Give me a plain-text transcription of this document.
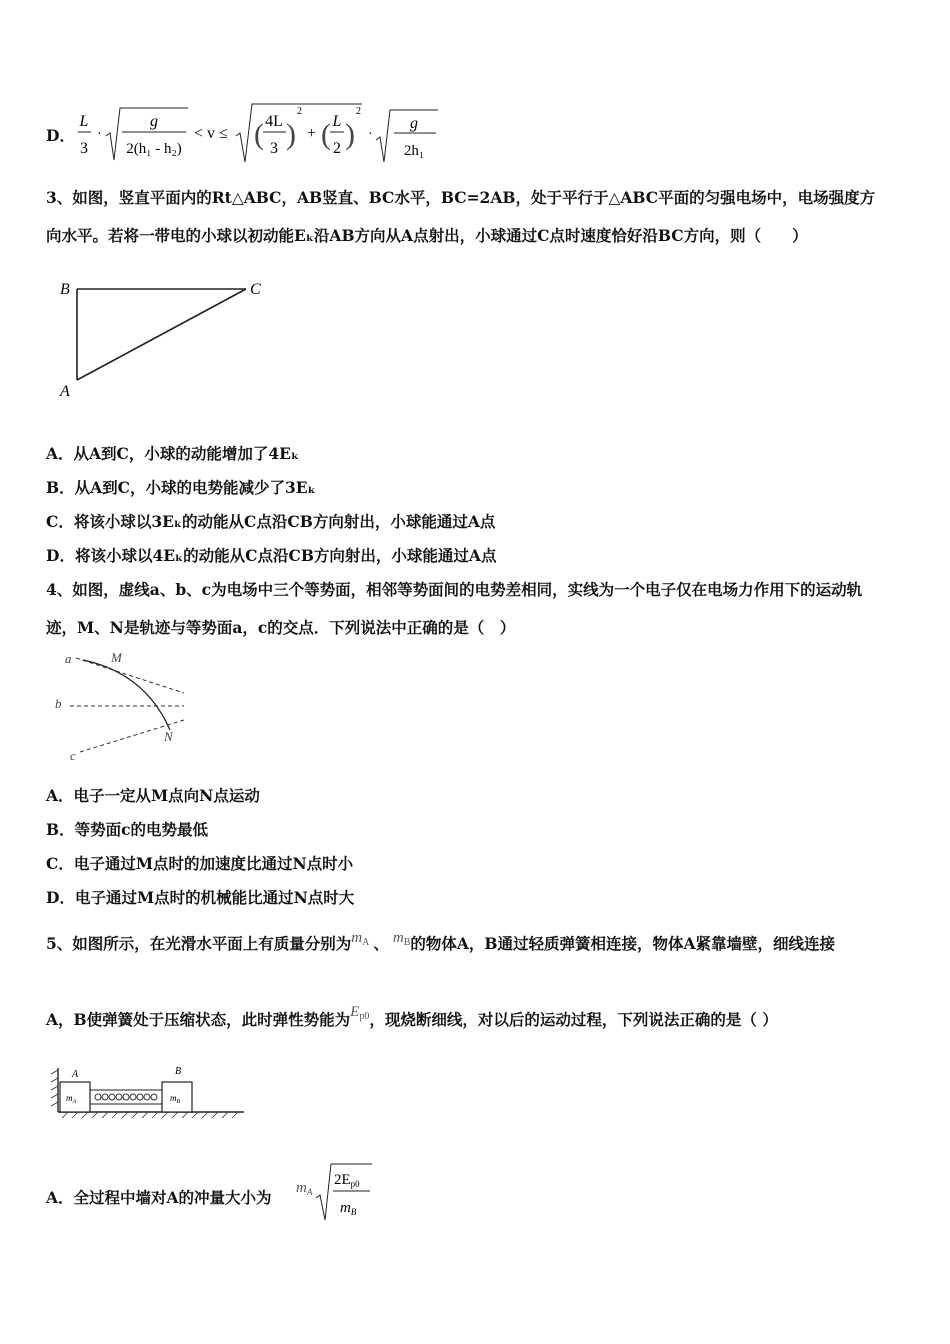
D．
L
3
·
g
2(h₁ - h₂)
< v ≤ ( 4L
3 )
2
+ ( L
2 )
2
·
g
2h₁
3、如图，竖直平面内的Rt△ABC，AB竖直、BC水平，BC=2AB，处于平行于△ABC平面的匀强电场中，电场强度方
向水平。若将一带电的小球以初动能Eₖ沿AB方向从A点射出，小球通过C点时速度恰好沿BC方向，则（　　）
B	C
A
A．从A到C，小球的动能增加了4Eₖ
B．从A到C，小球的电势能减少了3Eₖ
C．将该小球以3Eₖ的动能从C点沿CB方向射出，小球能通过A点
D．将该小球以4Eₖ的动能从C点沿CB方向射出，小球能通过A点
4、如图，虚线a、b、c为电场中三个等势面，相邻等势面间的电势差相同，实线为一个电子仅在电场力作用下的运动轨
迹，M、N是轨迹与等势面a，c的交点．下列说法中正确的是（　）
a	M
b
N
c
A．电子一定从M点向N点运动
B．等势面c的电势最低
C．电子通过M点时的加速度比通过N点时小
D．电子通过M点时的机械能比通过N点时大
5、如图所示，在光滑水平面上有质量分别为$m_A$ 、 $m_B$的物体A，B通过轻质弹簧相连接，物体A紧靠墙壁，细线连接
A，B使弹簧处于压缩状态，此时弹性势能为$E_{p0}$，现烧断细线，对以后的运动过程，下列说法正确的是（ ）
A	B
$m_A$	$m_B$
A．全过程中墙对A的冲量大小为 $m_A$
$2E_{p0}$
$m_B$
